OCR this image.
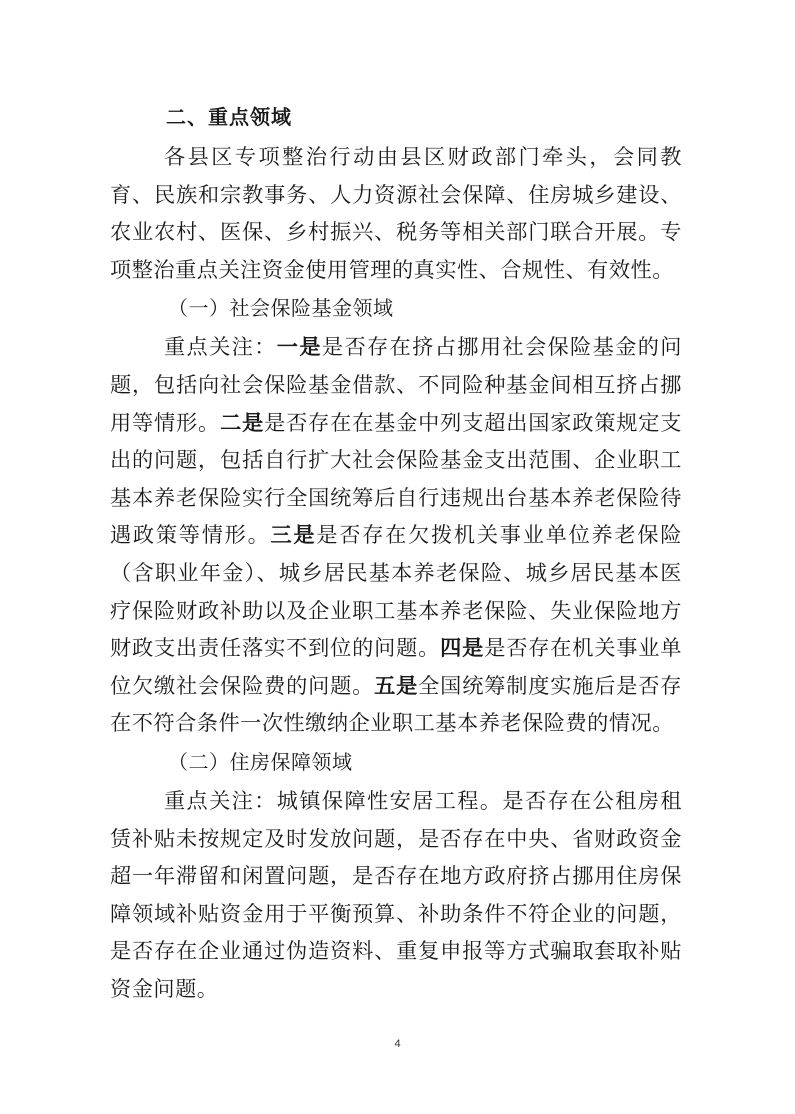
二、重点领域

各县区专项整治行动由县区财政部门牵头，会同教育、民族和宗教事务、人力资源社会保障、住房城乡建设、农业农村、医保、乡村振兴、税务等相关部门联合开展。专项整治重点关注资金使用管理的真实性、合规性、有效性。

（一）社会保险基金领域

重点关注：一是是否存在挤占挪用社会保险基金的问题，包括向社会保险基金借款、不同险种基金间相互挤占挪用等情形。二是是否存在在基金中列支超出国家政策规定支出的问题，包括自行扩大社会保险基金支出范围、企业职工基本养老保险实行全国统筹后自行违规出台基本养老保险待遇政策等情形。三是是否存在欠拨机关事业单位养老保险（含职业年金）、城乡居民基本养老保险、城乡居民基本医疗保险财政补助以及企业职工基本养老保险、失业保险地方财政支出责任落实不到位的问题。四是是否存在机关事业单位欠缴社会保险费的问题。五是全国统筹制度实施后是否存在不符合条件一次性缴纳企业职工基本养老保险费的情况。

（二）住房保障领域

重点关注：城镇保障性安居工程。是否存在公租房租赁补贴未按规定及时发放问题，是否存在中央、省财政资金超一年滞留和闲置问题，是否存在地方政府挤占挪用住房保障领域补贴资金用于平衡预算、补助条件不符企业的问题，是否存在企业通过伪造资料、重复申报等方式骗取套取补贴资金问题。

4
